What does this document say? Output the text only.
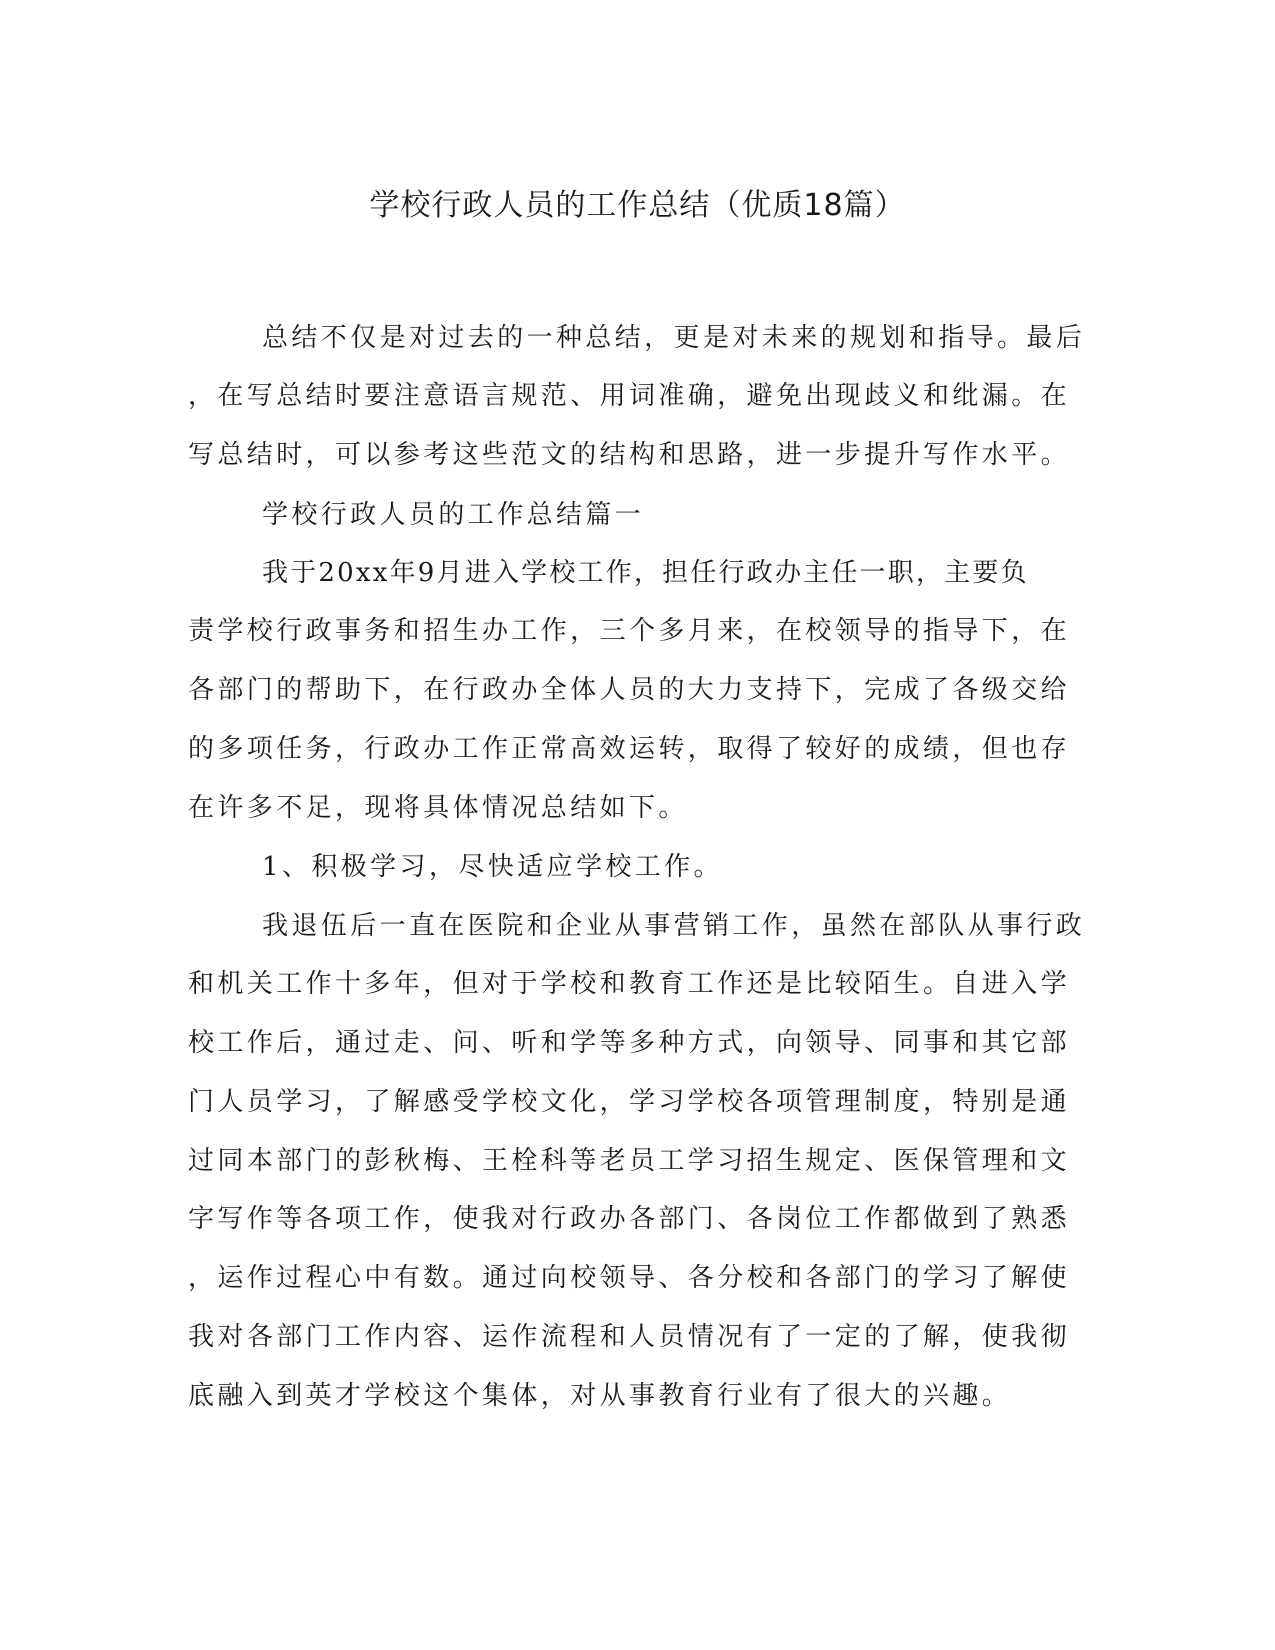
学校行政人员的工作总结（优质18篇）

总结不仅是对过去的一种总结，更是对未来的规划和指导。最后

，在写总结时要注意语言规范、用词准确，避免出现歧义和纰漏。在

写总结时，可以参考这些范文的结构和思路，进一步提升写作水平。

学校行政人员的工作总结篇一

我于20xx年9月进入学校工作，担任行政办主任一职，主要负

责学校行政事务和招生办工作，三个多月来，在校领导的指导下，在

各部门的帮助下，在行政办全体人员的大力支持下，完成了各级交给

的多项任务，行政办工作正常高效运转，取得了较好的成绩，但也存

在许多不足，现将具体情况总结如下。

1、积极学习，尽快适应学校工作。

我退伍后一直在医院和企业从事营销工作，虽然在部队从事行政

和机关工作十多年，但对于学校和教育工作还是比较陌生。自进入学

校工作后，通过走、问、听和学等多种方式，向领导、同事和其它部

门人员学习，了解感受学校文化，学习学校各项管理制度，特别是通

过同本部门的彭秋梅、王栓科等老员工学习招生规定、医保管理和文

字写作等各项工作，使我对行政办各部门、各岗位工作都做到了熟悉

，运作过程心中有数。通过向校领导、各分校和各部门的学习了解使

我对各部门工作内容、运作流程和人员情况有了一定的了解，使我彻

底融入到英才学校这个集体，对从事教育行业有了很大的兴趣。
